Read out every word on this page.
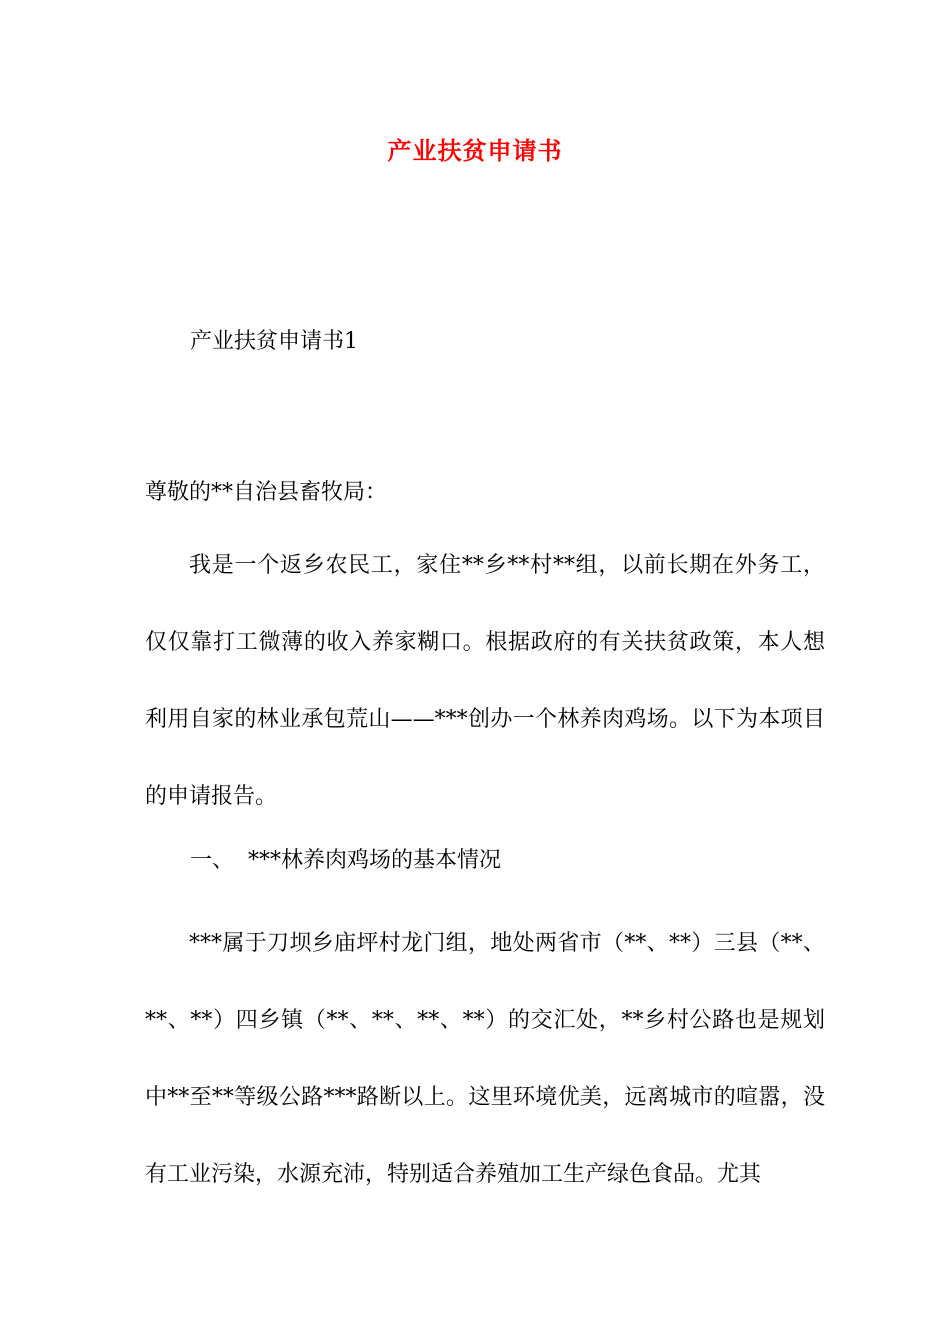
产业扶贫申请书
产业扶贫申请书1
尊敬的**自治县畜牧局：

我是一个返乡农民工，家住**乡**村**组，以前长期在外务工，仅仅靠打工微薄的收入养家糊口。根据政府的有关扶贫政策，本人想利用自家的林业承包荒山——***创办一个林养肉鸡场。以下为本项目的申请报告。

一、  ***林养肉鸡场的基本情况

***属于刀坝乡庙坪村龙门组，地处两省市（**、**）三县（**、**、**）四乡镇（**、**、**、**）的交汇处，**乡村公路也是规划中**至**等级公路***路断以上。这里环境优美，远离城市的喧嚣，没有工业污染，水源充沛，特别适合养殖加工生产绿色食品。尤其
